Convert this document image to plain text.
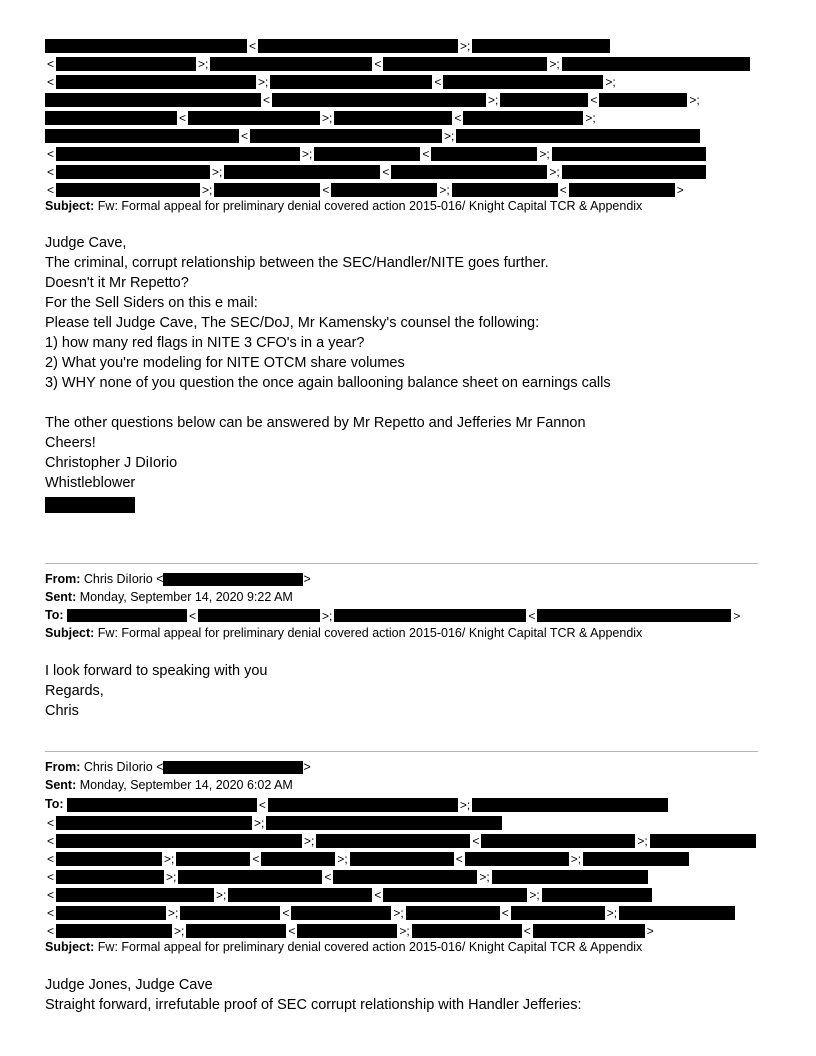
<	>;
<	>;	<	>;
<	>;	<	>;
<	>;	<	>;
<	>;	<	>;
<	>;
<	>;	<	>;
<	>;	<	>;
<	>;	<	>;	<	>
Subject: Fw: Formal appeal for preliminary denial covered action 2015-016/ Knight Capital TCR & Appendix
Judge Cave,
The criminal, corrupt relationship between the SEC/Handler/NITE goes further.
Doesn't it Mr Repetto?
For the Sell Siders on this e mail:
Please tell Judge Cave, The SEC/DoJ, Mr Kamensky's counsel the following:
1) how many red flags in NITE 3 CFO's in a year?
2) What you're modeling for NITE OTCM share volumes
3) WHY none of you question the once again ballooning balance sheet on earnings calls
The other questions below can be answered by Mr Repetto and Jefferies Mr Fannon
Cheers!
Christopher J DiIorio
Whistleblower
From: Chris DiIorio <	>
Sent: Monday, September 14, 2020 9:22 AM
To:	<	>;	<	>
Subject: Fw: Formal appeal for preliminary denial covered action 2015-016/ Knight Capital TCR & Appendix
I look forward to speaking with you
Regards,
Chris
From: Chris DiIorio <	>
Sent: Monday, September 14, 2020 6:02 AM
To:	<	>;
<	>;
<	>;	<	>;
<	>;	<	>;	<	>;
<	>;	<	>;
<	>;	<	>;
<	>;	<	>;	<	>;
<	>;	<	>;	<	>
Subject: Fw: Formal appeal for preliminary denial covered action 2015-016/ Knight Capital TCR & Appendix
Judge Jones, Judge Cave
Straight forward, irrefutable proof of SEC corrupt relationship with Handler Jefferies:
